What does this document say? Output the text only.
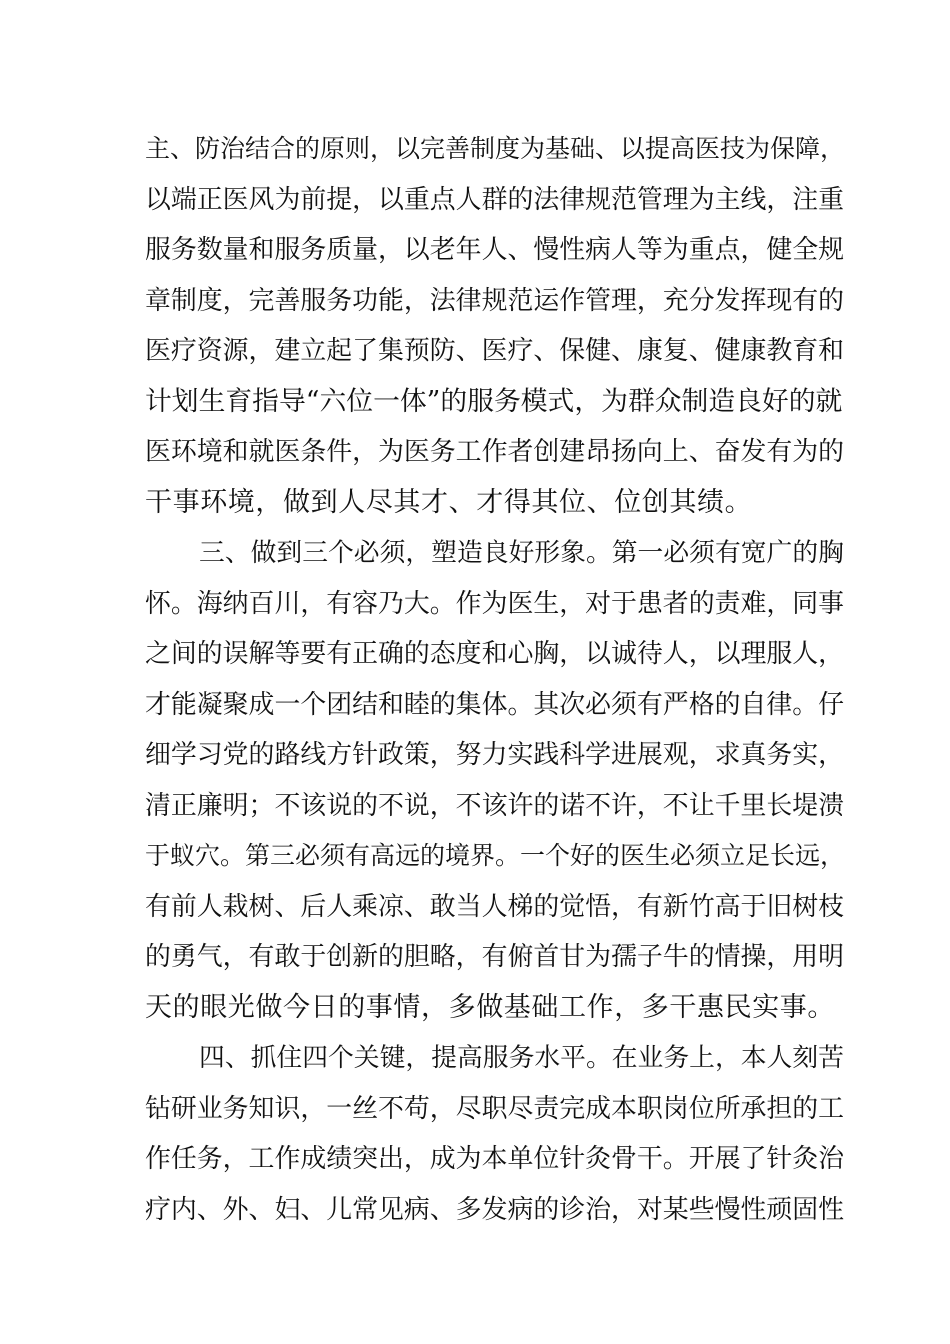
主、防治结合的原则，以完善制度为基础、以提高医技为保障，
以端正医风为前提，以重点人群的法律规范管理为主线，注重
服务数量和服务质量，以老年人、慢性病人等为重点，健全规
章制度，完善服务功能，法律规范运作管理，充分发挥现有的
医疗资源，建立起了集预防、医疗、保健、康复、健康教育和
计划生育指导“六位一体”的服务模式，为群众制造良好的就
医环境和就医条件，为医务工作者创建昂扬向上、奋发有为的
干事环境，做到人尽其才、才得其位、位创其绩。
三、做到三个必须，塑造良好形象。第一必须有宽广的胸
怀。海纳百川，有容乃大。作为医生，对于患者的责难，同事
之间的误解等要有正确的态度和心胸，以诚待人，以理服人，
才能凝聚成一个团结和睦的集体。其次必须有严格的自律。仔
细学习党的路线方针政策，努力实践科学进展观，求真务实，
清正廉明；不该说的不说，不该许的诺不许，不让千里长堤溃
于蚁穴。第三必须有高远的境界。一个好的医生必须立足长远，
有前人栽树、后人乘凉、敢当人梯的觉悟，有新竹高于旧树枝
的勇气，有敢于创新的胆略，有俯首甘为孺子牛的情操，用明
天的眼光做今日的事情，多做基础工作，多干惠民实事。
四、抓住四个关键，提高服务水平。在业务上，本人刻苦
钻研业务知识，一丝不苟，尽职尽责完成本职岗位所承担的工
作任务，工作成绩突出，成为本单位针灸骨干。开展了针灸治
疗内、外、妇、儿常见病、多发病的诊治，对某些慢性顽固性
